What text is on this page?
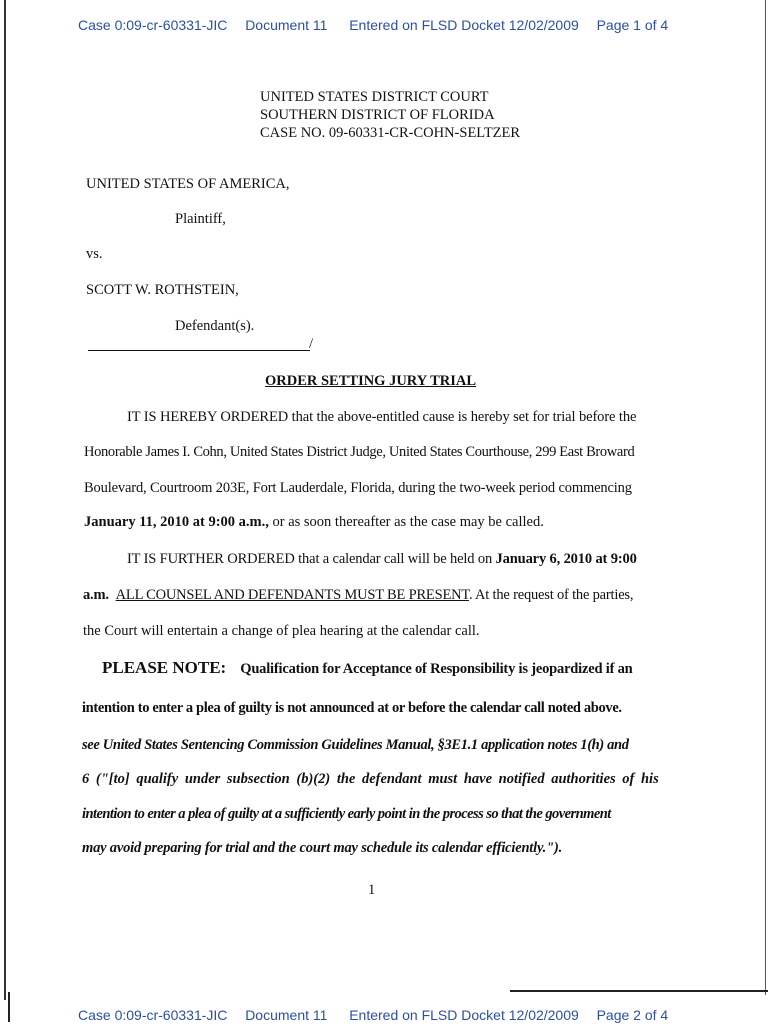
Case 0:09-cr-60331-JIC Document 11 Entered on FLSD Docket 12/02/2009 Page 1 of 4
UNITED STATES DISTRICT COURT
SOUTHERN DISTRICT OF FLORIDA
CASE NO. 09-60331-CR-COHN-SELTZER
UNITED STATES OF AMERICA,
Plaintiff,
vs.
SCOTT W. ROTHSTEIN,
Defendant(s).
/
ORDER SETTING JURY TRIAL
IT IS HEREBY ORDERED that the above-entitled cause is hereby set for trial before the
Honorable James I. Cohn, United States District Judge, United States Courthouse, 299 East Broward
Boulevard, Courtroom 203E, Fort Lauderdale, Florida, during the two-week period commencing
January 11, 2010 at 9:00 a.m., or as soon thereafter as the case may be called.
IT IS FURTHER ORDERED that a calendar call will be held on January 6, 2010 at 9:00
a.m. ALL COUNSEL AND DEFENDANTS MUST BE PRESENT. At the request of the parties,
the Court will entertain a change of plea hearing at the calendar call.
PLEASE NOTE: Qualification for Acceptance of Responsibility is jeopardized if an
intention to enter a plea of guilty is not announced at or before the calendar call noted above.
see United States Sentencing Commission Guidelines Manual, §3E1.1 application notes 1(h) and
6 ("[to] qualify under subsection (b)(2) the defendant must have notified authorities of his
intention to enter a plea of guilty at a sufficiently early point in the process so that the government
may avoid preparing for trial and the court may schedule its calendar efficiently.").
1
Case 0:09-cr-60331-JIC Document 11 Entered on FLSD Docket 12/02/2009 Page 2 of 4
